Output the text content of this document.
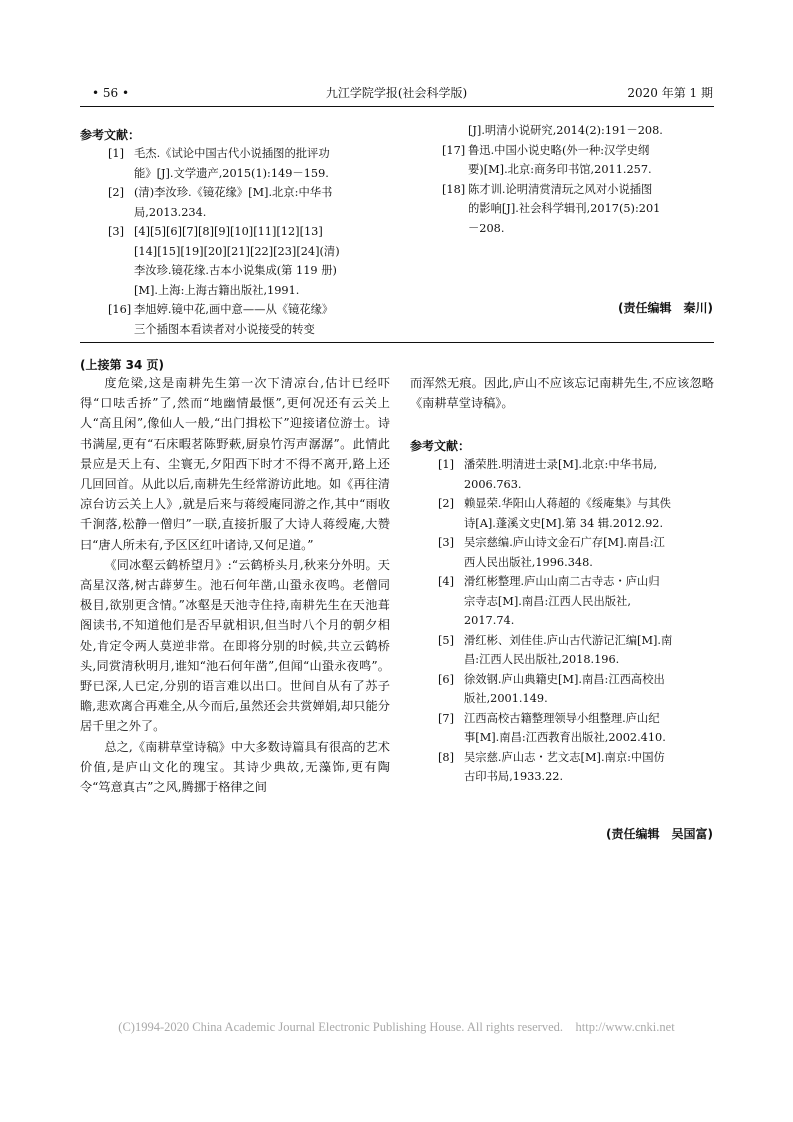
• 56 •	九江学院学报(社会科学版)	2020 年第 1 期
参考文献：
[1] 毛杰.《试论中国古代小说插图的批评功
能》[J].文学遗产,2015(1):149－159.
[2] (清)李汝珍.《镜花缘》[M].北京:中华书
局,2013.234.
[3] [4][5][6][7][8][9][10][11][12][13]
[14][15][19][20][21][22][23][24](清)
李汝珍.镜花缘.古本小说集成(第 119 册)
[M].上海:上海古籍出版社,1991.
[16] 李旭婷.镜中花,画中意——从《镜花缘》
三个插图本看读者对小说接受的转变
[J].明清小说研究,2014(2):191－208.
[17] 鲁迅.中国小说史略(外一种:汉学史纲
要)[M].北京:商务印书馆,2011.257.
[18] 陈才训.论明清赏清玩之风对小说插图
的影响[J].社会科学辑刊,2017(5):201
－208.
(责任编辑　秦川)
(上接第 34 页)

度危梁,这是南耕先生第一次下清凉台,估计已经吓得“口呿舌挢”了,然而“地幽情最惬”,更何况还有云关上人“高且闲”,像仙人一般,“出门揖松下”迎接诸位游士。诗书满屋,更有“石床暇茗陈野蔌,厨泉竹泻声潺潺”。此情此景应是天上有、尘寰无,夕阳西下时才不得不离开,路上还几回回首。从此以后,南耕先生经常游访此地。如《再往清凉台访云关上人》,就是后来与蒋绶庵同游之作,其中“雨收千涧落,松静一僧归”一联,直接折服了大诗人蒋绶庵,大赞曰“唐人所未有,予区区红叶诸诗,又何足道。”

《同冰壑云鹤桥望月》:“云鹤桥头月,秋来分外明。天高星汉落,树古薜萝生。池石何年凿,山蛩永夜鸣。老僧同极目,欲别更含情。”冰壑是天池寺住持,南耕先生在天池葺阁读书,不知道他们是否早就相识,但当时八个月的朝夕相处,肯定令两人莫逆非常。在即将分别的时候,共立云鹤桥头,同赏清秋明月,谁知“池石何年凿”,但闻“山蛩永夜鸣”。野已深,人已定,分别的语言难以出口。世间自从有了苏子瞻,悲欢离合再难全,从今而后,虽然还会共赏婵娟,却只能分居千里之外了。

总之,《南耕草堂诗稿》中大多数诗篇具有很高的艺术价值,是庐山文化的瑰宝。其诗少典故,无藻饰,更有陶令“笃意真古”之风,腾挪于格律之间

而浑然无痕。因此,庐山不应该忘记南耕先生,不应该忽略《南耕草堂诗稿》。

参考文献：
[1] 潘荣胜.明清进士录[M].北京:中华书局,
2006.763.
[2] 赖显荣.华阳山人蒋超的《绥庵集》与其佚
诗[A].蓬溪文史[M].第 34 辑.2012.92.
[3] 吴宗慈编.庐山诗文金石广存[M].南昌:江
西人民出版社,1996.348.
[4] 滑红彬整理.庐山山南二古寺志・庐山归
宗寺志[M].南昌:江西人民出版社,
2017.74.
[5] 滑红彬、刘佳佳.庐山古代游记汇编[M].南
昌:江西人民出版社,2018.196.
[6] 徐效钢.庐山典籍史[M].南昌:江西高校出
版社,2001.149.
[7] 江西高校古籍整理领导小组整理.庐山纪
事[M].南昌:江西教育出版社,2002.410.
[8] 吴宗慈.庐山志・艺文志[M].南京:中国仿
古印书局,1933.22.
(责任编辑　吴国富)
(C)1994-2020 China Academic Journal Electronic Publishing House. All rights reserved.    http://www.cnki.net
